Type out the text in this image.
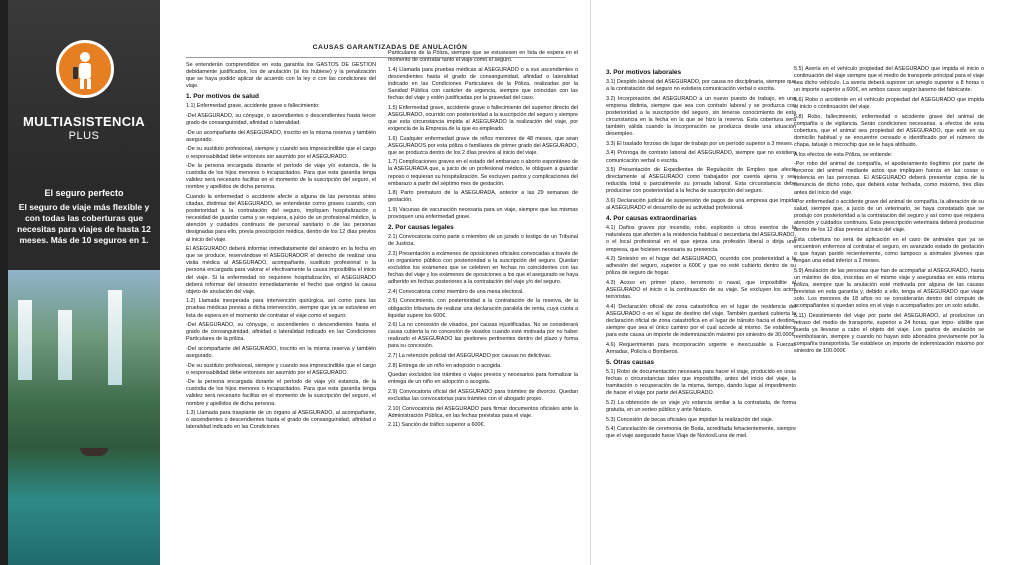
MULTIASISTENCIA
PLUS
El seguro perfecto
El seguro de viaje más flexible y con todas las coberturas que necesitas para viajes de hasta 12 meses. Más de 10 seguros en 1.
CAUSAS GARANTIZADAS DE ANULACIÓN

Se entenderán comprendidos en esta garantía los GASTOS DE GESTION debidamente justificados, los de anulación (si los hubiese) y la penalización que se haya podido aplicar de acuerdo con la ley o con las condiciones del viaje.

1. Por motivos de salud

1.1) Enfermedad grave, accidente grave o fallecimiento:

-Del ASEGURADO, su cónyuge, o ascendientes o descendientes hasta tercer grado de consanguinidad, afinidad o lateralidad.

-De un acompañante del ASEGURADO, inscrito en la misma reserva y también asegurado.

-De su sustituto profesional, siempre y cuando sea imprescindible que el cargo o responsabilidad debe entonces ser asumido por el ASEGURADO.

-De la persona encargada durante el período de viaje y/o estancia, de la custodia de los hijos menores o incapacitados. Para que esta garantía tenga validez será necesario facilitar en el momento de la suscripción del seguro, el nombre y apellidos de dicha persona.

Cuando la enfermedad o accidente afecte a alguna de las personas antes citadas, distintas del ASEGURADO, se entenderán como graves cuando, con posterioridad a la contratación del seguro, impliquen hospitalización o necesidad de guardar cama y se requiera, a juicio de un profesional médico, la atención y cuidados continuos de personal sanitario o de las personas designadas para ello, previa prescripción médica, dentro de los 12 días previos al inicio del viaje.

El ASEGURADO deberá informar inmediatamente del siniestro en la fecha en que se produce, reservándose el ASEGURADOR el derecho de realizar una visita médica al ASEGURADO, acompañante, sustituto profesional o la persona encargada para valorar el efectivamente la causa imposibilita el inicio del viaje. Si la enfermedad no requiriere hospitalización, el ASEGURADO deberá informar del siniestro inmediatamente el hecho que originó la causa objeto de anulación del viaje.

1.2) Llamada inesperada para intervención quirúrgica, así como para las pruebas médicas previas a dicha intervención, siempre que ya se estuviese en lista de espera en el momento de contratar el viaje como el seguro:

-Del ASEGURADO, su cónyuge, o ascendientes o descendientes hasta el grado de consanguinidad, afinidad o lateralidad indicado en las Condiciones Particulares de la póliza.

-Del acompañante del ASEGURADO, inscrito en la misma reserva y también asegurado.

-De su sustituto profesional, siempre y cuando sea imprescindible que el cargo o responsabilidad debe entonces ser asumido por el ASEGURADO.

-De la persona encargada durante el período de viaje y/o estancia, de la custodia de los hijos menores o incapacitados. Para que esta garantía tenga validez será necesario facilitar en el momento de la suscripción del seguro, el nombre y apellidos de dicha persona.

1.3) Llamada para trasplante de un órgano al ASEGURADO, al acompañante, o ascendientes o descendientes hasta el grado de consanguinidad, afinidad o lateralidad indicado en las Condiciones

Particulares de la Póliza, siempre que se estuviesen en lista de espera en el momento de contratar tanto el viaje como el seguro.

1.4) Llamada para pruebas médicas al ASEGURADO o a sus ascendientes o descendientes hasta el grado de consanguinidad, afinidad o lateralidad indicado en las Condiciones Particulares de la Póliza, realizadas por la Sanidad Pública con carácter de urgencia, siempre que coincidan con las fechas del viaje y estén justificadas por la gravedad del caso.

1.5) Enfermedad grave, accidente grave o fallecimiento del superior directo del ASEGURADO, ocurrido con posterioridad a la suscripción del seguro y siempre que esta circunstancia impida al ASEGURADO la realización del viaje, por exigencia de la Empresa de la que es empleado.

1.6) Cualquier enfermedad grave de niños menores de 48 meses, que sean ASEGURADOS por esta póliza o familiares de primer grado del ASEGURADO, que se produzca dentro de los 2 días previos al inicio del viaje.

1.7) Complicaciones graves en el estado del embarazo o aborto espontáneo de la ASEGURADA que, a juicio de un profesional médico, le obliguen a guardar reposo o requieran su hospitalización. Se excluyen partos y complicaciones del embarazo a partir del séptimo mes de gestación.

1.8) Parto prematuro de la ASEGURADA, anterior a las 29 semanas de gestación.

1.9) Vacunas de vacunación necesaria para un viaje, siempre que las mismas provoquen una enfermedad grave.

2. Por causas legales

2.1) Convocatoria como parte o miembro de un jurado o testigo de un Tribunal de Justicia.

2.2) Presentación a exámenes de oposiciones oficiales convocadas a través de un organismo público con posterioridad a la suscripción del seguro. Quedan excluidos los exámenes que se celebren en fechas no coincidentes con las fechas del viaje y los exámenes de oposiciones a los que el asegurado se haya adherido en fechas posteriores a la contratación del viaje y/o del seguro.

2.4) Convocatoria como miembro de una mesa electoral.

2.5) Conocimiento, con posterioridad a la contratación de la reserva, de la obligación tributaria de realizar una declaración paralela de renta, cuya cuota a liquidar supere los 600€.

2.6) La no concesión de visados, por causas injustificadas. No se considerará causa cubierta la no concesión de visados cuando esté motivada por no haber realizado el ASEGURADO las gestiones pertinentes dentro del plazo y forma para su concesión.

2.7) La retención policial del ASEGURADO por causas no delictivas.

2.8) Entrega de un niño en adopción o acogida.

Quedan excluidos los trámites o viajes previos y necesarios para formalizar la entrega de un niño en adopción o acogida.

2.9) Convocatoria oficial del ASEGURADO para trámites de divorcio. Quedan excluidas las convocatorias para trámites con el abogado propio.

2.10) Convocatoria del ASEGURADO para firmar documentos oficiales ante la Administración Pública, en las fechas previstas para el viaje.

2.11) Sanción de tráfico superior a 600€.

3. Por motivos laborales

3.1) Despido laboral del ASEGURADO, por causa no disciplinaria, siempre que a la contratación del seguro no existiera comunicación verbal o escrita.

3.2) Incorporación del ASEGURADO a un nuevo puesto de trabajo, en una empresa distinta, siempre que sea con contrato laboral y se produzca con posterioridad a la suscripción del seguro, sin tenerse conocimiento de esta circunstancia en la fecha en la que se hizo la reserva. Esta cobertura será también válida cuando la incorporación se produzca desde una situación desempleo.

3.3) El traslado forzoso de lugar de trabajo por un período superior a 3 meses.

3.4) Prórroga de contrato laboral del ASEGURADO, siempre que no existiera comunicación verbal o escrita.

3.5) Presentación de Expedientes de Regulación de Empleo que afecte directamente al ASEGURADO como trabajador por cuenta ajena y sea reducida total o parcialmente su jornada laboral. Esta circunstancia debe producirse con posterioridad a la fecha de suscripción del seguro.

3.6) Declaración judicial de suspensión de pagos de una empresa que impida al ASEGURADO el desarrollo de su actividad profesional.

4. Por causas extraordinarias

4.1) Daños graves por incendio, robo, explosión u otros eventos de la naturaleza que afecten a la residencia habitual o secundaria del ASEGURADO, o el local profesional en el que ejerza una profesión liberal o dirija una empresa, que hiciesen necesaria su presencia.

4.2) Siniestro en el hogar del ASEGURADO, ocurrido con posterioridad a la adhesión del seguro, superior a 600€ y que no esté cubierto dentro de su póliza de seguro de hogar.

4.3) Acoso en primer plano, terremoto o naval, que imposibilite al ASEGURADO el inicio o la continuación de su viaje. Se excluyen los actos terroristas.

4.4) Declaración oficial de zona catastrófica en el lugar de residencia del ASEGURADO o en el lugar de destino del viaje. También quedará cubierta la declaración oficial de zona catastrófica en el lugar de tránsito hacia el destino, siempre que sea el único camino por el cual accede al mismo. Se establece para este causa un importe de indemnización máximo por siniestro de 30.000€

4.6) Requerimiento para incorporación urgente e inexcusable a Fuerzas Armadas, Policía o Bomberos.

5. Otras causas

5.1) Robo de documentación necesaria para hacer el viaje, producido en unas fechas o circunstancias tales que imposibilite, antes del inicio del viaje, la tramitación o recuperación de la misma, tiempo, dando lugar al impedimento de hacer el viaje por parte del ASEGURADO.

5.2) La obtención de un viaje y/o estancia similar a la contratada, de forma gratuita, en un sorteo público y ante Notario.

5.3) Concesión de becas oficiales que impidan la realización del viaje.

5.4) Cancelación de ceremonia de Boda, acreditada fehacientemente, siempre que el viaje asegurado fuese Viaje de Novios/Luna de miel.

5.5) Avería en el vehículo propiedad del ASEGURADO que impida el inicio o continuación del viaje siempre que el medio de transporte principal para el viaje sea dicho vehículo. La avería deberá suponer un arreglo superior a 8 horas o un importe superior a 600€, en ambos casos según baremo del fabricante.

5.6) Robo o accidente en el vehículo propiedad del ASEGURADO que impida el inicio o continuación del viaje.

5.8) Robo, fallecimiento, enfermedad o accidente grave del animal de compañía o de vigilancia. Serán condiciones necesarias, a efectos de esta cobertura, que el animal sea propiedad del ASEGURADO, que esté en su domicilio habitual y se encuentre censado e identificado por el número de chapa, tatuaje o microchip que se le haya atribuido.

A los efectos de esta Póliza, se entiende:

-Por robo del animal de compañía, el apoderamiento ilegítimo por parte de terceros del animal mediante actos que impliquen fuerza en las cosas o violencia en las personas. El ASEGURADO deberá presentar copia de la denuncia de dicho robo, que deberá estar fechada, como máximo, tres días antes del inicio del viaje.

-Por enfermedad o accidente grave del animal de compañía, la alteración de su salud, siempre que, a juicio de un veterinario, se haya constatado que se produjo con posterioridad a la contratación del seguro y así como que requiera atención y cuidados continuos. Esta prescripción veterinaria deberá producirse dentro de los 12 días previos al inicio del viaje.

Esta cobertura no será de aplicación en el caso de animales que ya se encuentren enfermos al contratar el seguro, en avanzado estado de gestación o que hayan parido recientemente, como tampoco a animales jóvenes que tengan una edad inferior a 2 meses.

5.9) Anulación de las personas que han de acompañar al ASEGURADO, hasta un máximo de dos, inscritas en el mismo viaje y aseguradas en esta misma póliza, siempre que la anulación esté motivada por alguna de las causas previstas en esta garantía y, debido a ello, tenga el ASEGURADO que viajar solo. Los menores de 18 años no se considerarán dentro del cómputo de acompañantes si quedan solos en el viaje o acompañados por un solo adulto.

5.11) Desistimiento del viaje por parte del ASEGURADO, al producirse un retraso del medio de transporte, superior a 24 horas, que impo- sibilite que pueda ya llevarse a cabo el objeto del viaje. Los gastos de anulación se reembolsarán, siempre y cuando no hayan sido abonados previamente por la compañía transportista. Se establece un importe de indemnización máximo por siniestro de 100.000€
